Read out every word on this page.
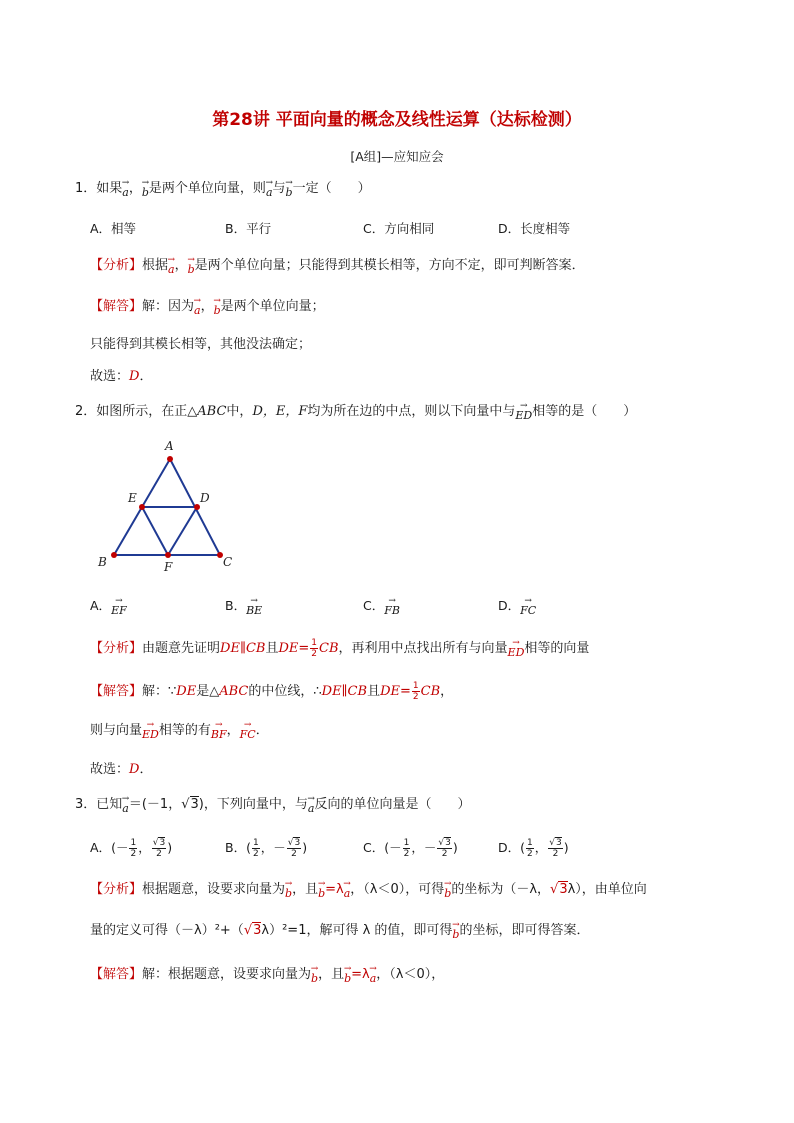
第28讲 平面向量的概念及线性运算（达标检测）
[A组]—应知应会
1．如果→ a，→ b是两个单位向量，则→ a与→ b一定（　　）
A．相等	B．平行	C．方向相同	D．长度相等
【分析】根据→ a，→ b是两个单位向量；只能得到其模长相等，方向不定，即可判断答案．
【解答】解：因为→ a，→ b是两个单位向量；
只能得到其模长相等，其他没法确定；
故选：D．
2．如图所示，在正△ABC中，D，E，F均为所在边的中点，则以下向量中与→ ED相等的是（　　）
A
B	C
D
E
F
A．→ EF	B．→ BE	C．→ FB	D．→ FC
【分析】由题意先证明DE∥CB且$DE= \frac{1}{2}$ CB，再利用中点找出所有与向量→ ED相等的向量
【解答】解：∵DE是△ABC的中位线，∴DE∥CB且$DE= \frac{1}{2}$ CB，
则与向量→ ED相等的有→ BF，→ FC．
故选：D．
3．已知→ a＝(－1，√3)，下列向量中，与→ a反向的单位向量是（　　）
A．(－ $\frac{1}{2}$ ， $\frac{√3}{2}$ )	B．( $\frac{1}{2}$ ，－ $\frac{√3}{2}$ )	C．(－ $\frac{1}{2}$ ，－ $\frac{√3}{2}$ )	D．( $\frac{1}{2}$ ， $\frac{√3}{2}$ )
【分析】根据题意，设要求向量为→ b，且→ b=λ→ a，（λ＜0），可得→ b的坐标为（－λ，√3λ），由单位向
量的定义可得（－λ）²+（√3λ）²=1，解可得 λ 的值，即可得→ b的坐标，即可得答案．
【解答】解：根据题意，设要求向量为→ b，且→ b=λ→ a，（λ＜0），
